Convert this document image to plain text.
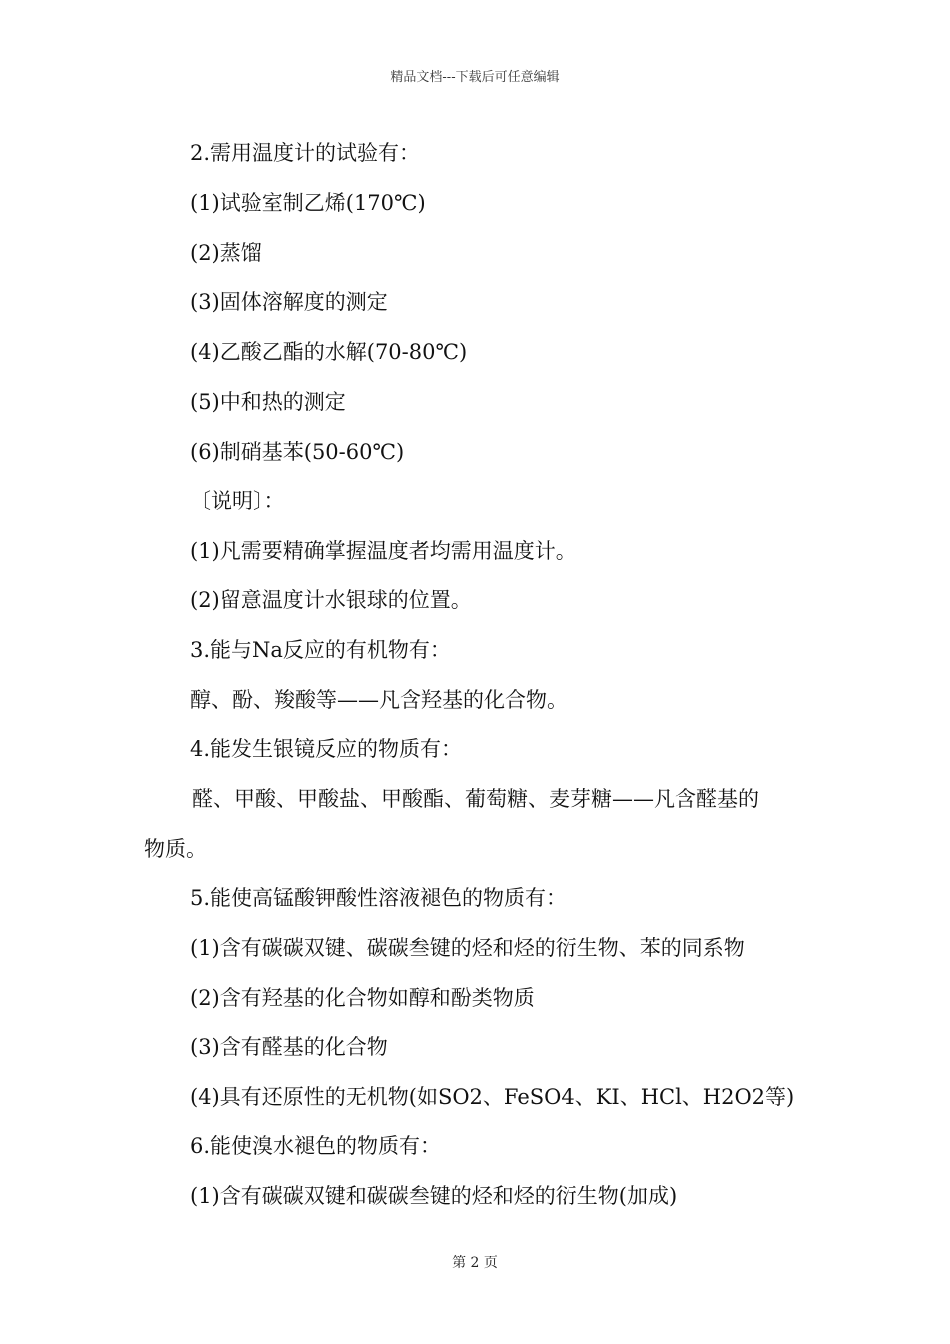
精品文档---下载后可任意编辑
2.需用温度计的试验有：
(1)试验室制乙烯(170℃)
(2)蒸馏
(3)固体溶解度的测定
(4)乙酸乙酯的水解(70-80℃)
(5)中和热的测定
(6)制硝基苯(50-60℃)
〔说明〕：
(1)凡需要精确掌握温度者均需用温度计。
(2)留意温度计水银球的位置。
3.能与Na反应的有机物有：
醇、酚、羧酸等——凡含羟基的化合物。
4.能发生银镜反应的物质有：
醛、甲酸、甲酸盐、甲酸酯、葡萄糖、麦芽糖——凡含醛基的
物质。
5.能使高锰酸钾酸性溶液褪色的物质有：
(1)含有碳碳双键、碳碳叁键的烃和烃的衍生物、苯的同系物
(2)含有羟基的化合物如醇和酚类物质
(3)含有醛基的化合物
(4)具有还原性的无机物(如SO2、FeSO4、KI、HCl、H2O2等)
6.能使溴水褪色的物质有：
(1)含有碳碳双键和碳碳叁键的烃和烃的衍生物(加成)
第 2 页
